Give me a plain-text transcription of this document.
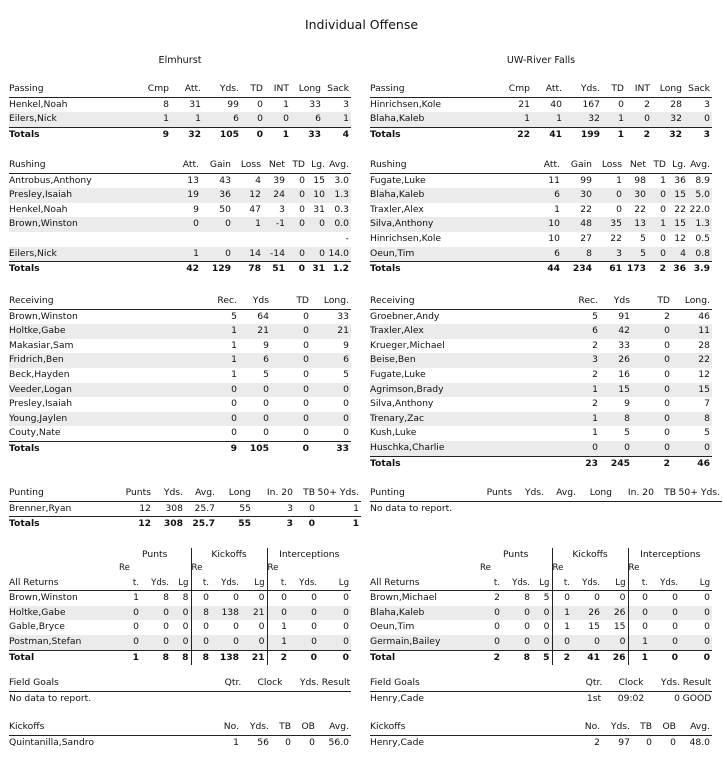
Individual Offense
Elmhurst	UW-River Falls
Passing	Cmp	Att.	Yds.	TD	INT	Long	Sack
Henkel,Noah	8	31	99	0	1	33	3
Eilers,Nick	1	1	6	0	0	6	1
Totals	9	32	105	0	1	33	4
Passing	Cmp	Att.	Yds.	TD	INT	Long	Sack
Hinrichsen,Kole	21	40	167	0	2	28	3
Blaha,Kaleb	1	1	32	1	0	32	0
Totals	22	41	199	1	2	32	3
Rushing	Att.	Gain	Loss	Net	TD	Lg.	Avg.
Antrobus,Anthony	13	43	4	39	0	15	3.0
Presley,Isaiah	19	36	12	24	0	10	1.3
Henkel,Noah	9	50	47	3	0	31	0.3
Brown,Winston	0	0	1	-1	0	0	0.0
							-
Eilers,Nick	1	0	14	-14	0	0	14.0
Totals	42	129	78	51	0	31	1.2
Rushing	Att.	Gain	Loss	Net	TD	Lg.	Avg.
Fugate,Luke	11	99	1	98	1	36	8.9
Blaha,Kaleb	6	30	0	30	0	15	5.0
Traxler,Alex	1	22	0	22	0	22	22.0
Silva,Anthony	10	48	35	13	1	15	1.3
Hinrichsen,Kole	10	27	22	5	0	12	0.5
Oeun,Tim	6	8	3	5	0	4	0.8
Totals	44	234	61	173	2	36	3.9
Receiving	Rec.	Yds	TD	Long.
Brown,Winston	5	64	0	33
Holtke,Gabe	1	21	0	21
Makasiar,Sam	1	9	0	9
Fridrich,Ben	1	6	0	6
Beck,Hayden	1	5	0	5
Veeder,Logan	0	0	0	0
Presley,Isaiah	0	0	0	0
Young,Jaylen	0	0	0	0
Couty,Nate	0	0	0	0
Totals	9	105	0	33
Receiving	Rec.	Yds	TD	Long.
Groebner,Andy	5	91	2	46
Traxler,Alex	6	42	0	11
Krueger,Michael	2	33	0	28
Beise,Ben	3	26	0	22
Fugate,Luke	2	16	0	12
Agrimson,Brady	1	15	0	15
Silva,Anthony	2	9	0	7
Trenary,Zac	1	8	0	8
Kush,Luke	1	5	0	5
Huschka,Charlie	0	0	0	0
Totals	23	245	2	46
Punting	Punts	Yds.	Avg.	Long	In. 20	TB	50+ Yds.
Brenner,Ryan	12	308	25.7	55	3	0	1
Totals	12	308	25.7	55	3	0	1
Punting	Punts	Yds.	Avg.	Long	In. 20	TB	50+ Yds.
No data to report.
	Punts			Kickoffs			Interceptions		
	Re			Re			Re		
All Returns	t.	Yds.	Lg	t.	Yds.	Lg	t.	Yds.	Lg
Brown,Winston	1	8	8	0	0	0	0	0	0
Holtke,Gabe	0	0	0	8	138	21	0	0	0
Gable,Bryce	0	0	0	0	0	0	1	0	0
Postman,Stefan	0	0	0	0	0	0	1	0	0
Total	1	8	8	8	138	21	2	0	0
	Punts			Kickoffs			Interceptions		
	Re			Re			Re		
All Returns	t.	Yds.	Lg	t.	Yds.	Lg	t.	Yds.	Lg
Brown,Michael	2	8	5	0	0	0	0	0	0
Blaha,Kaleb	0	0	0	1	26	26	0	0	0
Oeun,Tim	0	0	0	1	15	15	0	0	0
Germain,Bailey	0	0	0	0	0	0	1	0	0
Total	2	8	5	2	41	26	1	0	0
Field Goals	Qtr.	Clock	Yds.	Result
No data to report.
Field Goals	Qtr.	Clock	Yds.	Result
Henry,Cade	1st	09:02	0	GOOD
Kickoffs	No.	Yds.	TB	OB	Avg.
Quintanilla,Sandro	1	56	0	0	56.0
Kickoffs	No.	Yds.	TB	OB	Avg.
Henry,Cade	2	97	0	0	48.0
